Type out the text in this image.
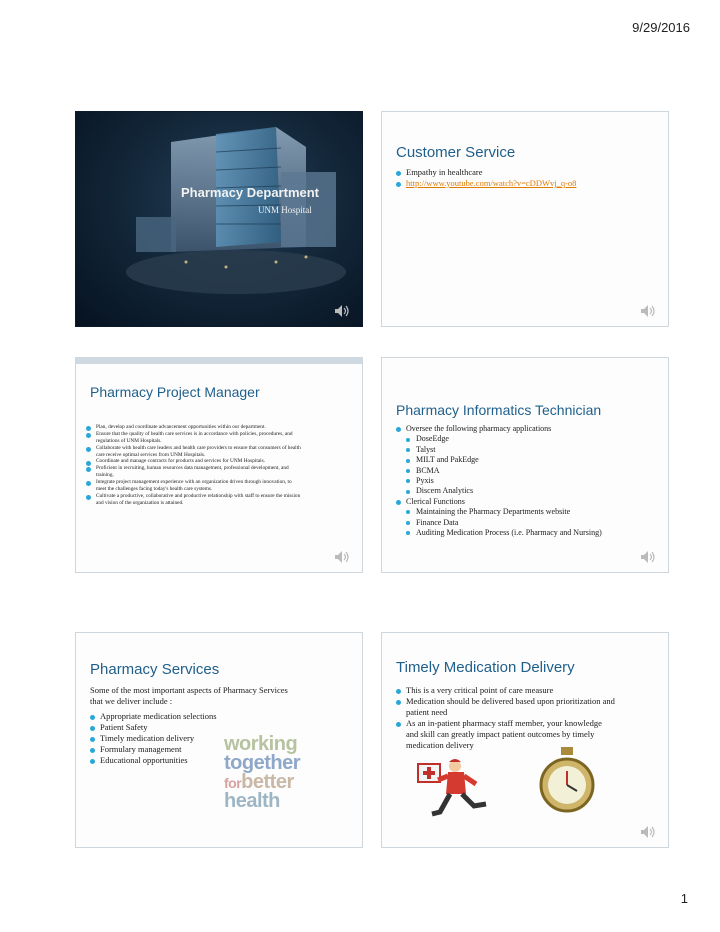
9/29/2016
Pharmacy Department
UNM Hospital
Customer Service
Empathy in healthcare
http://www.youtube.com/watch?v=cDDWvj_q-o8
Pharmacy Project Manager
Plan, develop and coordinate advancement opportunities within our department.
Ensure that the quality of health care services is in accordance with policies, procedures, and regulations of UNM Hospitals.
Collaborate with health care leaders and health care providers to ensure that consumers of health care receive optimal services from UNM Hospitals.
Coordinate and manage contracts for products and services for UNM Hospitals.
Proficient in recruiting, human resources data management, professional development, and training.
Integrate project management experience with an organization driven through innovation, to meet the challenges facing today's health care systems.
Cultivate a productive, collaborative and productive relationship with staff to ensure the mission and vision of the organization is attained.
Pharmacy Informatics Technician
Oversee the following pharmacy applications
DoseEdge
Talyst
MILT and PakEdge
BCMA
Pyxis
Discern Analytics
Clerical Functions
Maintaining the Pharmacy Departments website
Finance Data
Auditing Medication Process (i.e. Pharmacy and Nursing)
Pharmacy Services
Some of the most important aspects of Pharmacy Services that we deliver include :
Appropriate medication selections
Patient Safety
Timely medication delivery
Formulary management
Educational opportunities
working
together
forbetter
health
Timely Medication Delivery
This is a very critical point of care measure
Medication should be delivered based upon prioritization and patient need
As an in-patient pharmacy staff member, your knowledge and skill can greatly impact patient outcomes by timely medication delivery
1
